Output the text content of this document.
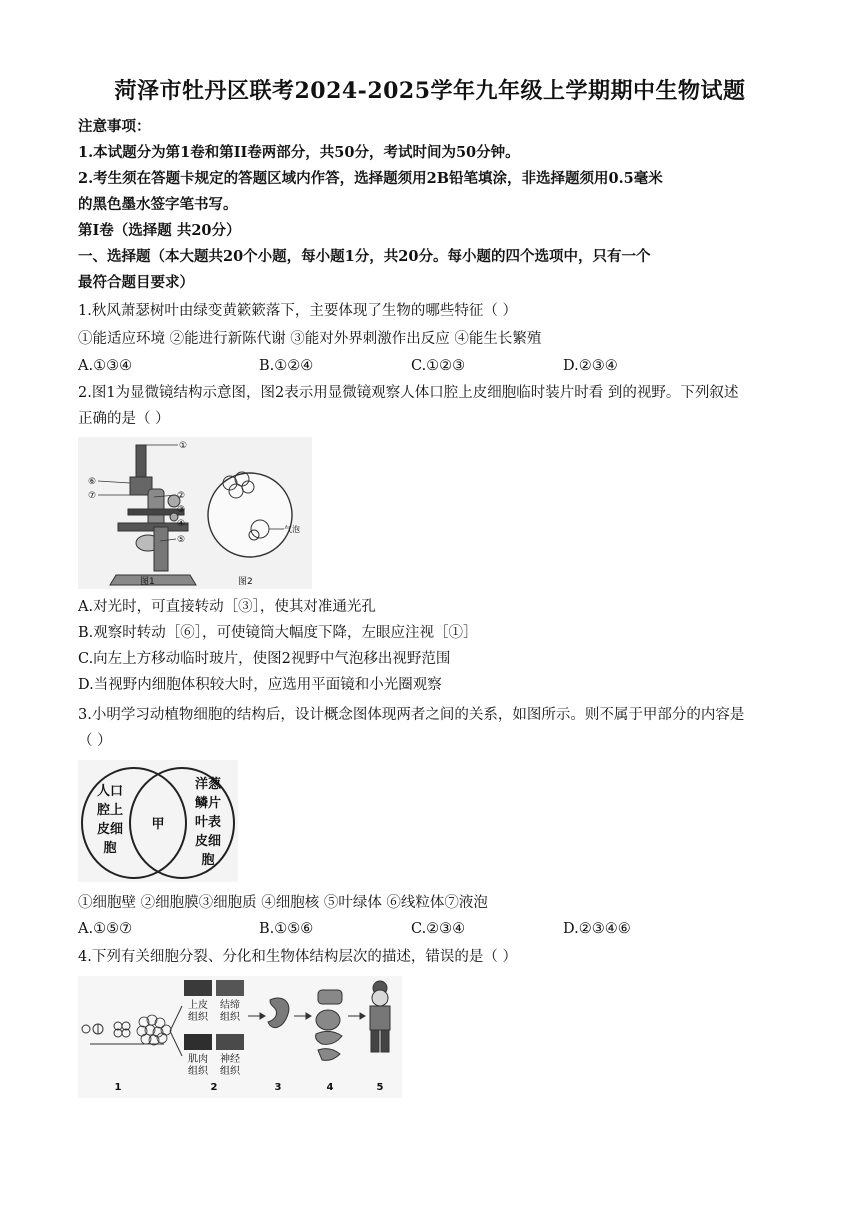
菏泽市牡丹区联考2024-2025学年九年级上学期期中生物试题
注意事项：
1.本试题分为第1卷和第II卷两部分，共50分，考试时间为50分钟。
2.考生须在答题卡规定的答题区域内作答，选择题须用2B铅笔填涂，非选择题须用0.5毫米
的黑色墨水签字笔书写。
第I卷（选择题 共20分）
一、选择题（本大题共20个小题，每小题1分，共20分。每小题的四个选项中，只有一个
最符合题目要求）
1.秋风萧瑟树叶由绿变黄簌簌落下，主要体现了生物的哪些特征（ ）
①能适应环境 ②能进行新陈代谢 ③能对外界刺激作出反应 ④能生长繁殖
A.①③④	B.①②④	C.①②③	D.②③④
2.图1为显微镜结构示意图，图2表示用显微镜观察人体口腔上皮细胞临时装片时看 到的视野。下列叙述
正确的是（ ）
①
⑥
⑦	②
③
④
⑤
图1	图2
气泡
A.对光时，可直接转动［③］，使其对准通光孔
B.观察时转动［⑥］，可使镜筒大幅度下降，左眼应注视［①］
C.向左上方移动临时玻片，使图2视野中气泡移出视野范围
D.当视野内细胞体积较大时，应选用平面镜和小光圈观察
3.小明学习动植物细胞的结构后，设计概念图体现两者之间的关系，如图所示。则不属于甲部分的内容是
（ ）
人口
腔上
皮细
胞
甲
洋葱
鳞片
叶表
皮细
胞
①细胞壁 ②细胞膜③细胞质 ④细胞核 ⑤叶绿体 ⑥线粒体⑦液泡
A.①⑤⑦	B.①⑤⑥	C.②③④	D.②③④⑥
4.下列有关细胞分裂、分化和生物体结构层次的描述，错误的是（ ）
上皮
组织
结缔
组织
肌肉
组织
神经
组织
1	2	3	4	5
